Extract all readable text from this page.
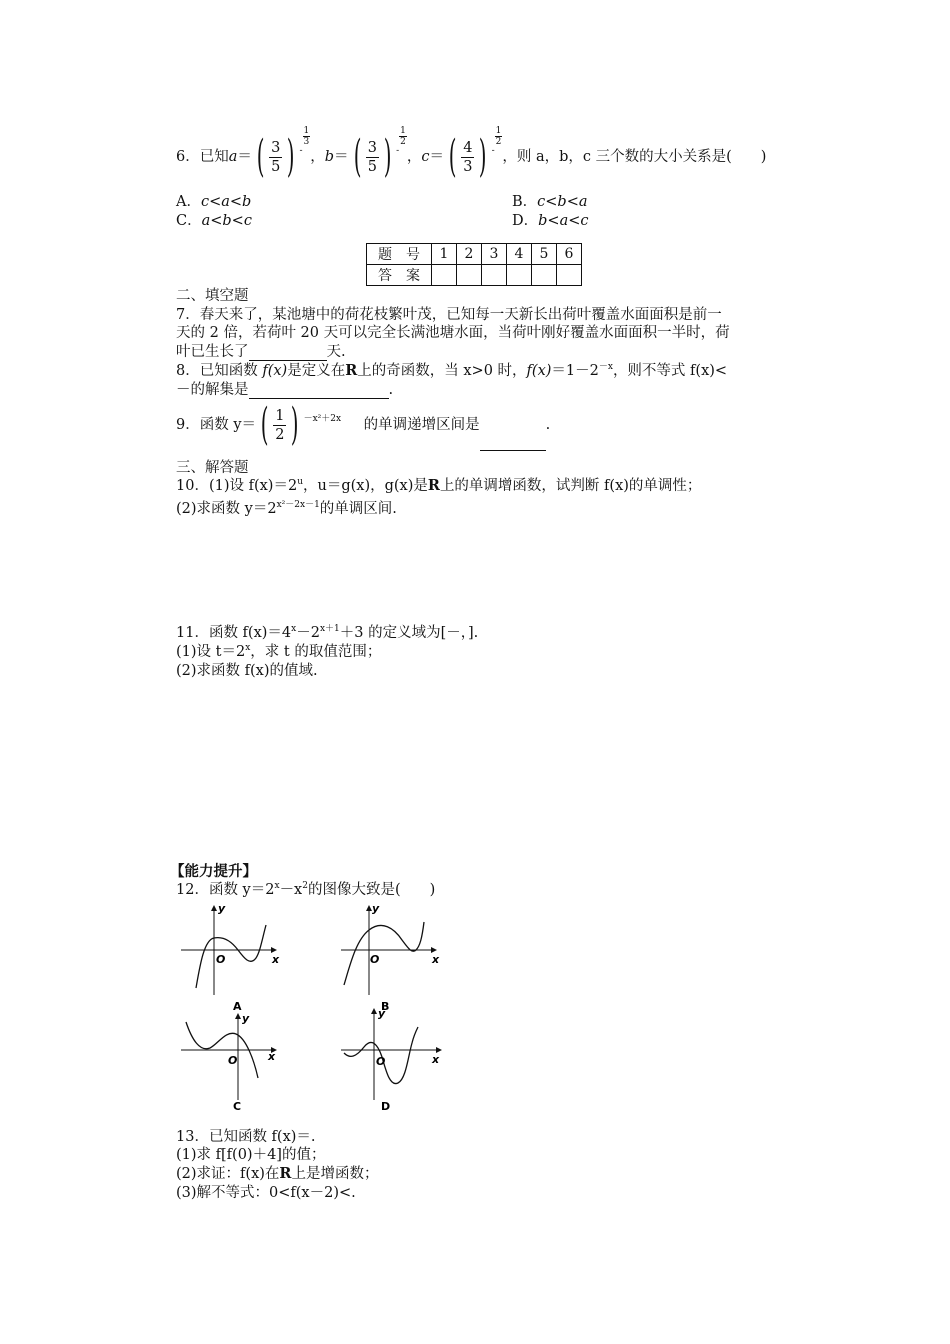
6．已知a＝ ( $\frac{3}{5}$ ) -
$\frac{1}{3}$，b＝ ( $\frac{3}{5}$ ) -
$\frac{1}{2}$，c＝ ( $\frac{4}{3}$ ) -
$\frac{1}{2}$，则 a，b，c 三个数的大小关系是(　　)
A．c<a<b	B．c<b<a
C．a<b<c	D．b<a<c
题　号	1	2	3	4	5	6
答　案						
二、填空题
7．春天来了，某池塘中的荷花枝繁叶茂，已知每一天新长出荷叶覆盖水面面积是前一
天的 2 倍，若荷叶 20 天可以完全长满池塘水面，当荷叶刚好覆盖水面面积一半时，荷
叶已生长了	天.
8．已知函数 f(x)是定义在R上的奇函数，当 x>0 时，$f(x)=1-2^{-x}$，则不等式 f(x)<
－的解集是	.
9．函数 y＝ ( $\frac{1}{2}$ ) －x²＋2x 的单调递增区间是	.
三、解答题
10．(1)设 $f(x)=2^u$，u＝g(x)，g(x)是R上的单调增函数，试判断 f(x)的单调性；
(2)求函数 $y=2^{x^2-2x-1}$的单调区间.
11．函数 $f(x)=4^x-2^{x+1}+3$ 的定义域为[－，].
(1)设 $t=2^x$，求 t 的取值范围；
(2)求函数 f(x)的值域.
【能力提升】
12．函数 $y=2^x-x^2$的图像大致是(　　)
y
x
O
A
y
x
O
B
y
x
O
C
y
x
O
D
13．已知函数 f(x)＝.
(1)求 f[f(0)＋4]的值；
(2)求证：f(x)在R上是增函数；
(3)解不等式：0<f(x－2)<.
